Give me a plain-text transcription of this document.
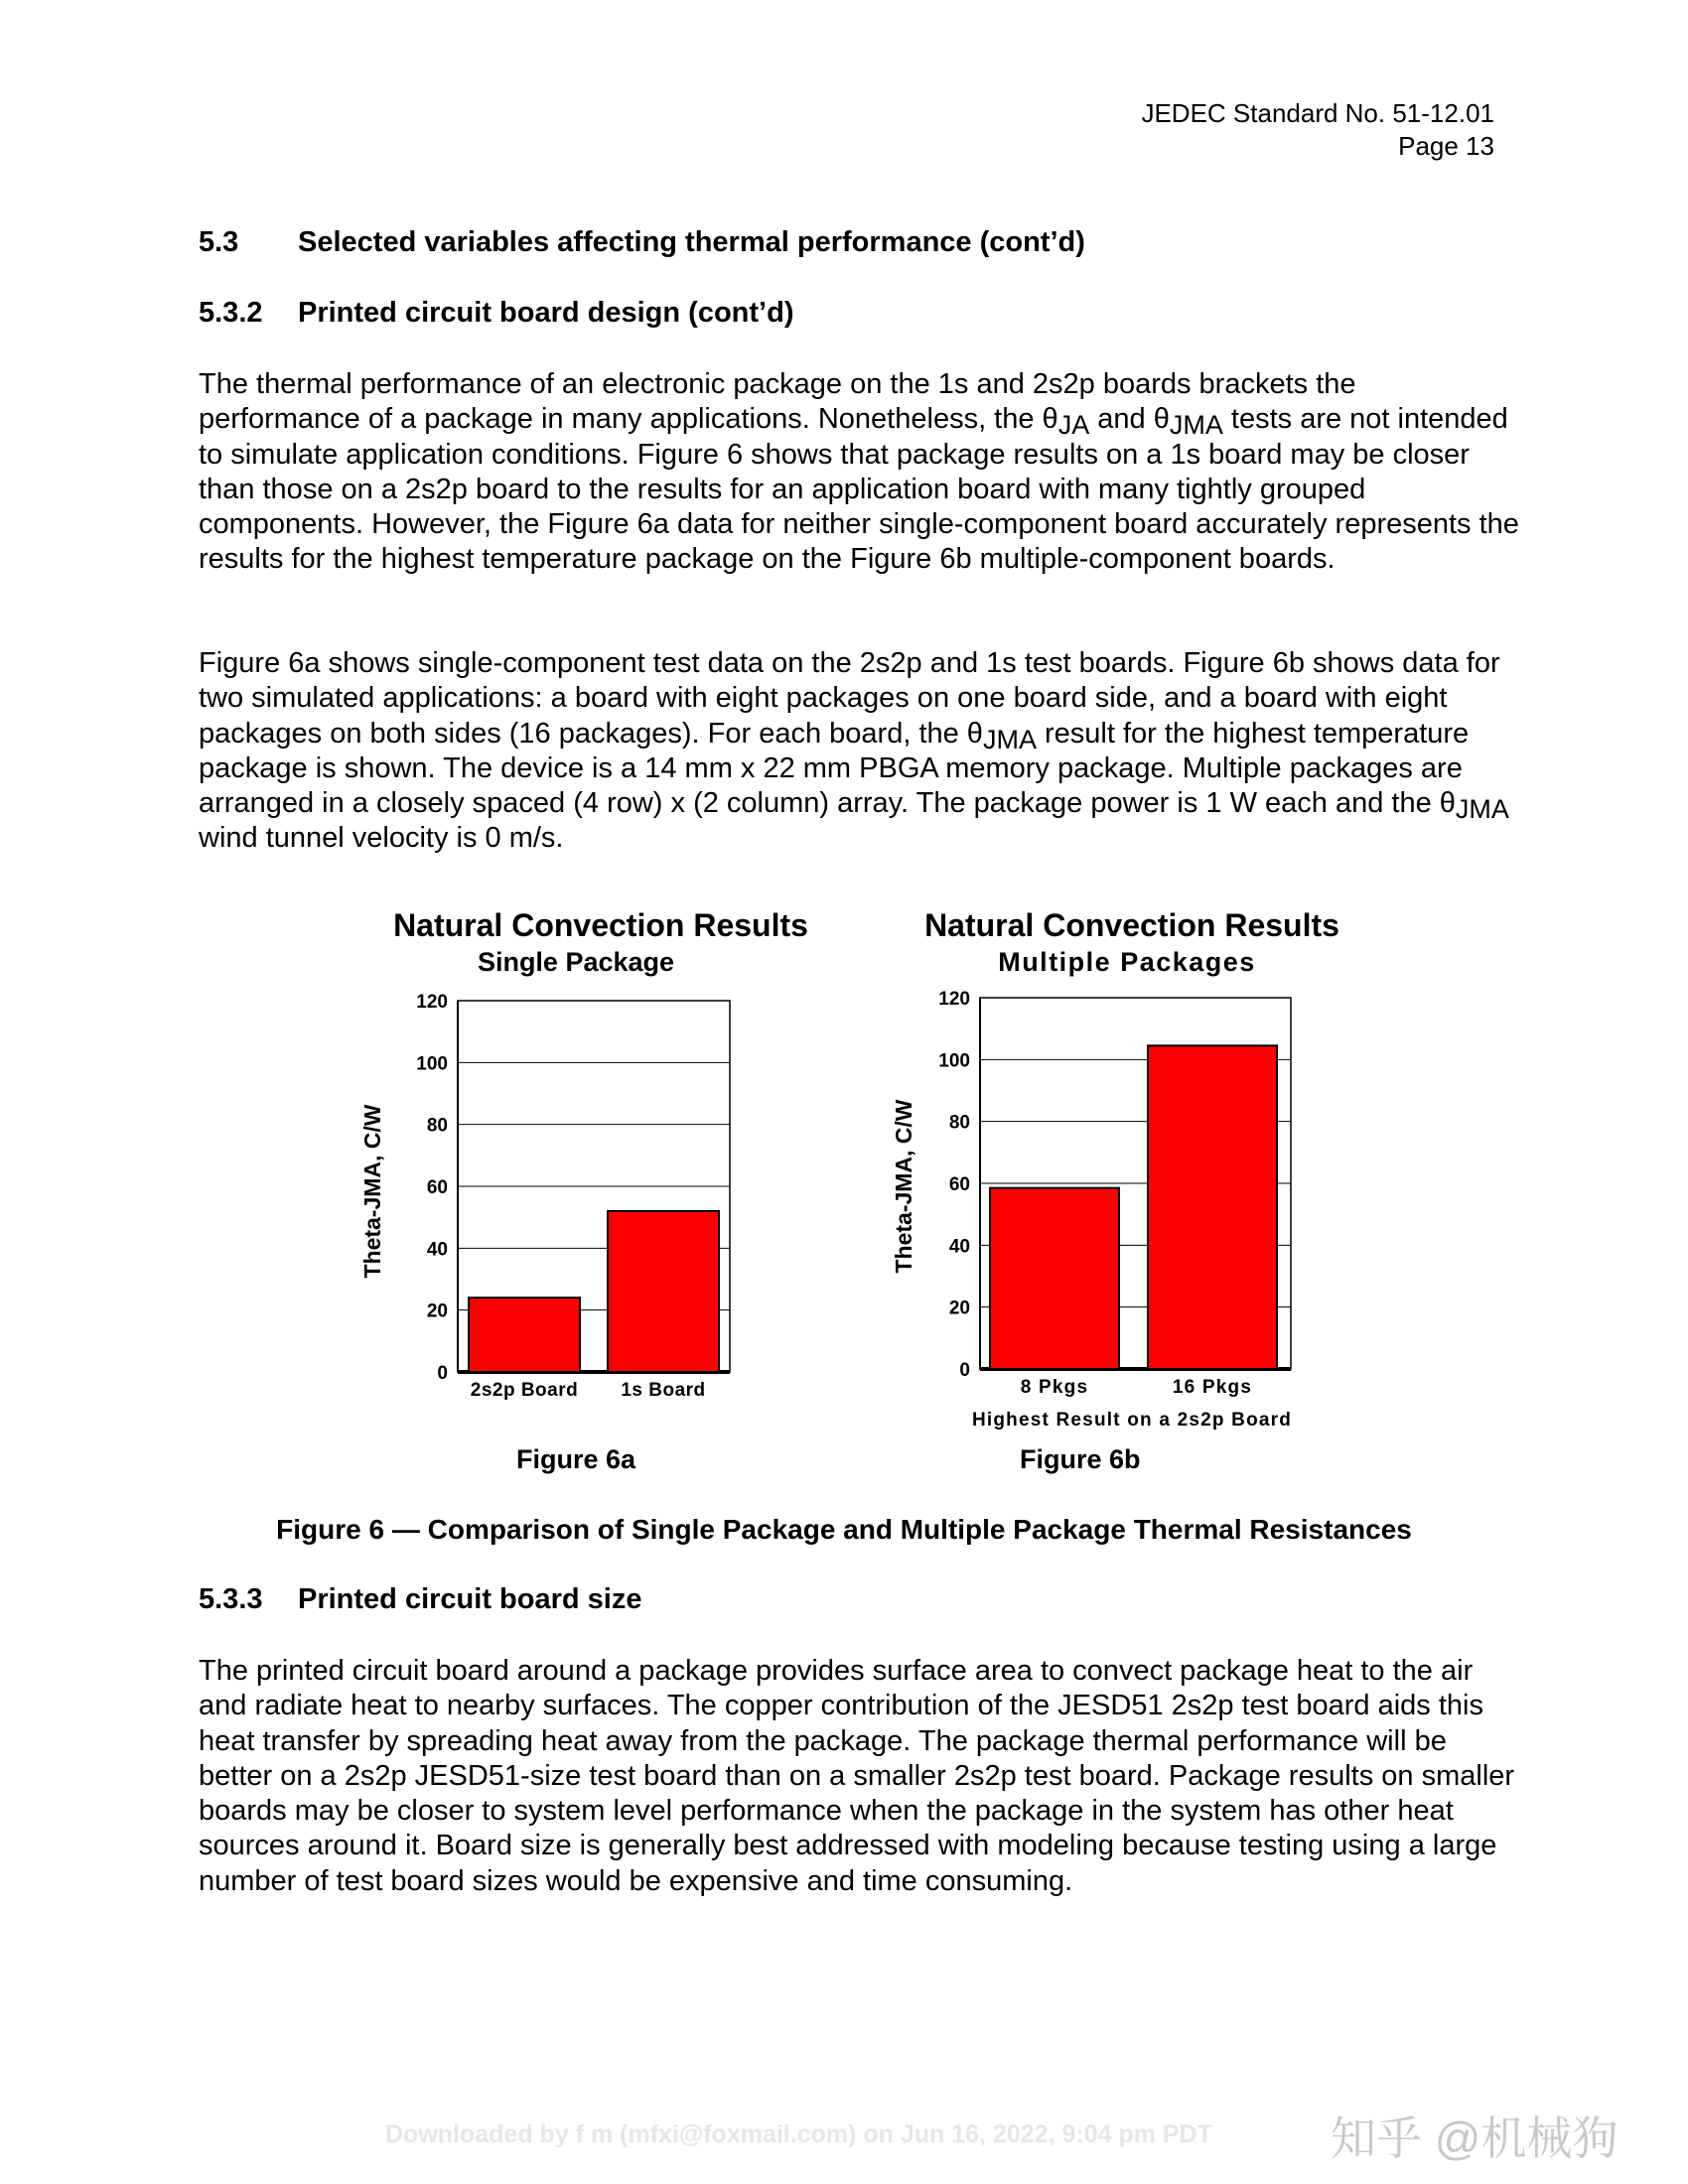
JEDEC Standard No. 51-12.01
Page 13
5.3 Selected variables affecting thermal performance (cont’d)
5.3.2 Printed circuit board design (cont’d)

The thermal performance of an electronic package on the 1s and 2s2p boards brackets the performance of a package in many applications. Nonetheless, the $\theta_{JA}$ and $\theta_{JMA}$ tests are not intended to simulate application conditions. Figure 6 shows that package results on a 1s board may be closer than those on a 2s2p board to the results for an application board with many tightly grouped components. However, the Figure 6a data for neither single-component board accurately represents the results for the highest temperature package on the Figure 6b multiple-component boards.

Figure 6a shows single-component test data on the 2s2p and 1s test boards. Figure 6b shows data for two simulated applications: a board with eight packages on one board side, and a board with eight packages on both sides (16 packages). For each board, the $\theta_{JMA}$ result for the highest temperature package is shown. The device is a 14 mm x 22 mm PBGA memory package. Multiple packages are arranged in a closely spaced (4 row) x (2 column) array. The package power is 1 W each and the $\theta_{JMA}$ wind tunnel velocity is 0 m/s.

Natural Convection Results
Single Package
Theta-JMA, C/W
0
20
40
60
80
100
120
2s2p Board 1s Board
Natural Convection Results
Multiple Packages
Theta-JMA, C/W
Highest Result on a 2s2p Board
0
20
40
60
80
100
120
8 Pkgs	16 Pkgs
Figure 6a	Figure 6b
Figure 6 — Comparison of Single Package and Multiple Package Thermal Resistances
5.3.3 Printed circuit board size

The printed circuit board around a package provides surface area to convect package heat to the air and radiate heat to nearby surfaces. The copper contribution of the JESD51 2s2p test board aids this heat transfer by spreading heat away from the package. The package thermal performance will be better on a 2s2p JESD51-size test board than on a smaller 2s2p test board. Package results on smaller boards may be closer to system level performance when the package in the system has other heat sources around it. Board size is generally best addressed with modeling because testing using a large number of test board sizes would be expensive and time consuming.

Downloaded by f m (mfxi@foxmail.com) on Jun 16, 2022, 9:04 pm PDT	知乎 @机械狗
